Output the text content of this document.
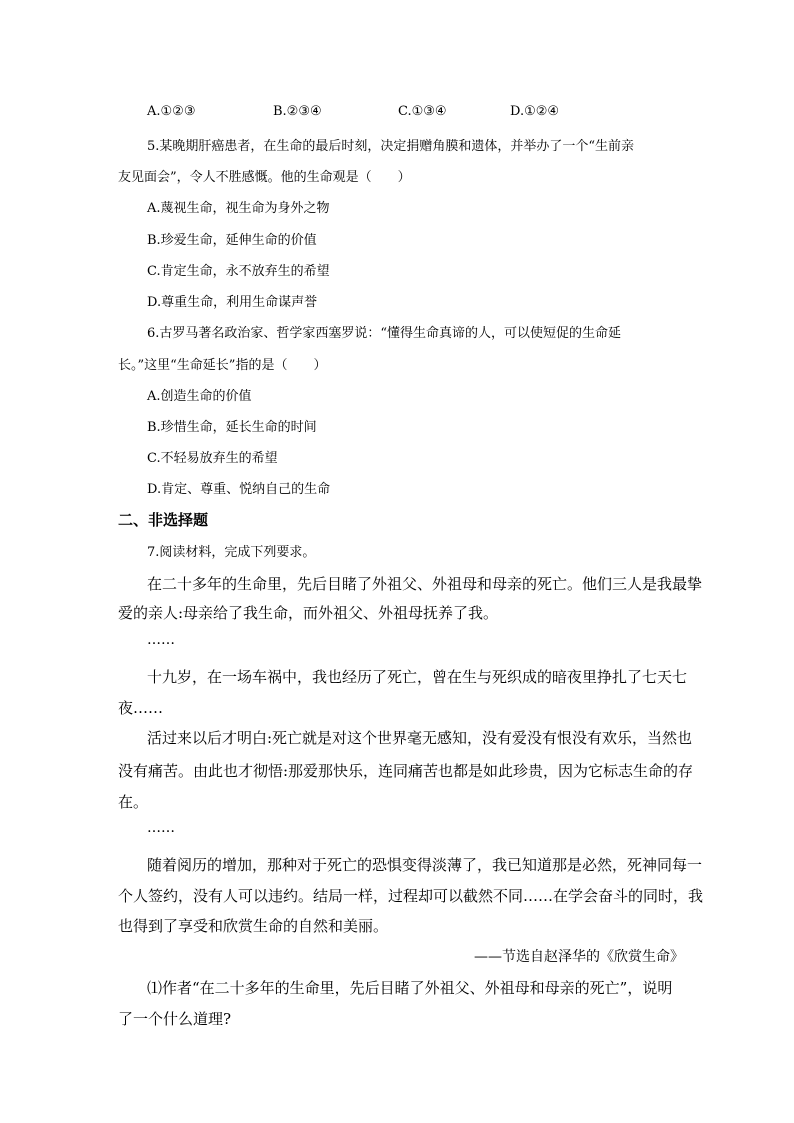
A.①②③	B.②③④	C.①③④	D.①②④
5.某晚期肝癌患者，在生命的最后时刻，决定捐赠角膜和遗体，并举办了一个“生前亲
友见面会”，令人不胜感慨。他的生命观是（　　）
A.蔑视生命，视生命为身外之物
B.珍爱生命，延伸生命的价值
C.肯定生命，永不放弃生的希望
D.尊重生命，利用生命谋声誉
6.古罗马著名政治家、哲学家西塞罗说：“懂得生命真谛的人，可以使短促的生命延
长。”这里“生命延长”指的是（　　）
A.创造生命的价值
B.珍惜生命，延长生命的时间
C.不轻易放弃生的希望
D.肯定、尊重、悦纳自己的生命
二、非选择题
7.阅读材料，完成下列要求。
在二十多年的生命里，先后目睹了外祖父、外祖母和母亲的死亡。他们三人是我最挚
爱的亲人:母亲给了我生命，而外祖父、外祖母抚养了我。
……
十九岁，在一场车祸中，我也经历了死亡，曾在生与死织成的暗夜里挣扎了七天七
夜……
活过来以后才明白:死亡就是对这个世界毫无感知，没有爱没有恨没有欢乐，当然也
没有痛苦。由此也才彻悟:那爱那快乐，连同痛苦也都是如此珍贵，因为它标志生命的存
在。
……
随着阅历的增加，那种对于死亡的恐惧变得淡薄了，我已知道那是必然，死神同每一
个人签约，没有人可以违约。结局一样，过程却可以截然不同……在学会奋斗的同时，我
也得到了享受和欣赏生命的自然和美丽。
——节选自赵泽华的《欣赏生命》
⑴作者“在二十多年的生命里，先后目睹了外祖父、外祖母和母亲的死亡”，说明
了一个什么道理?
